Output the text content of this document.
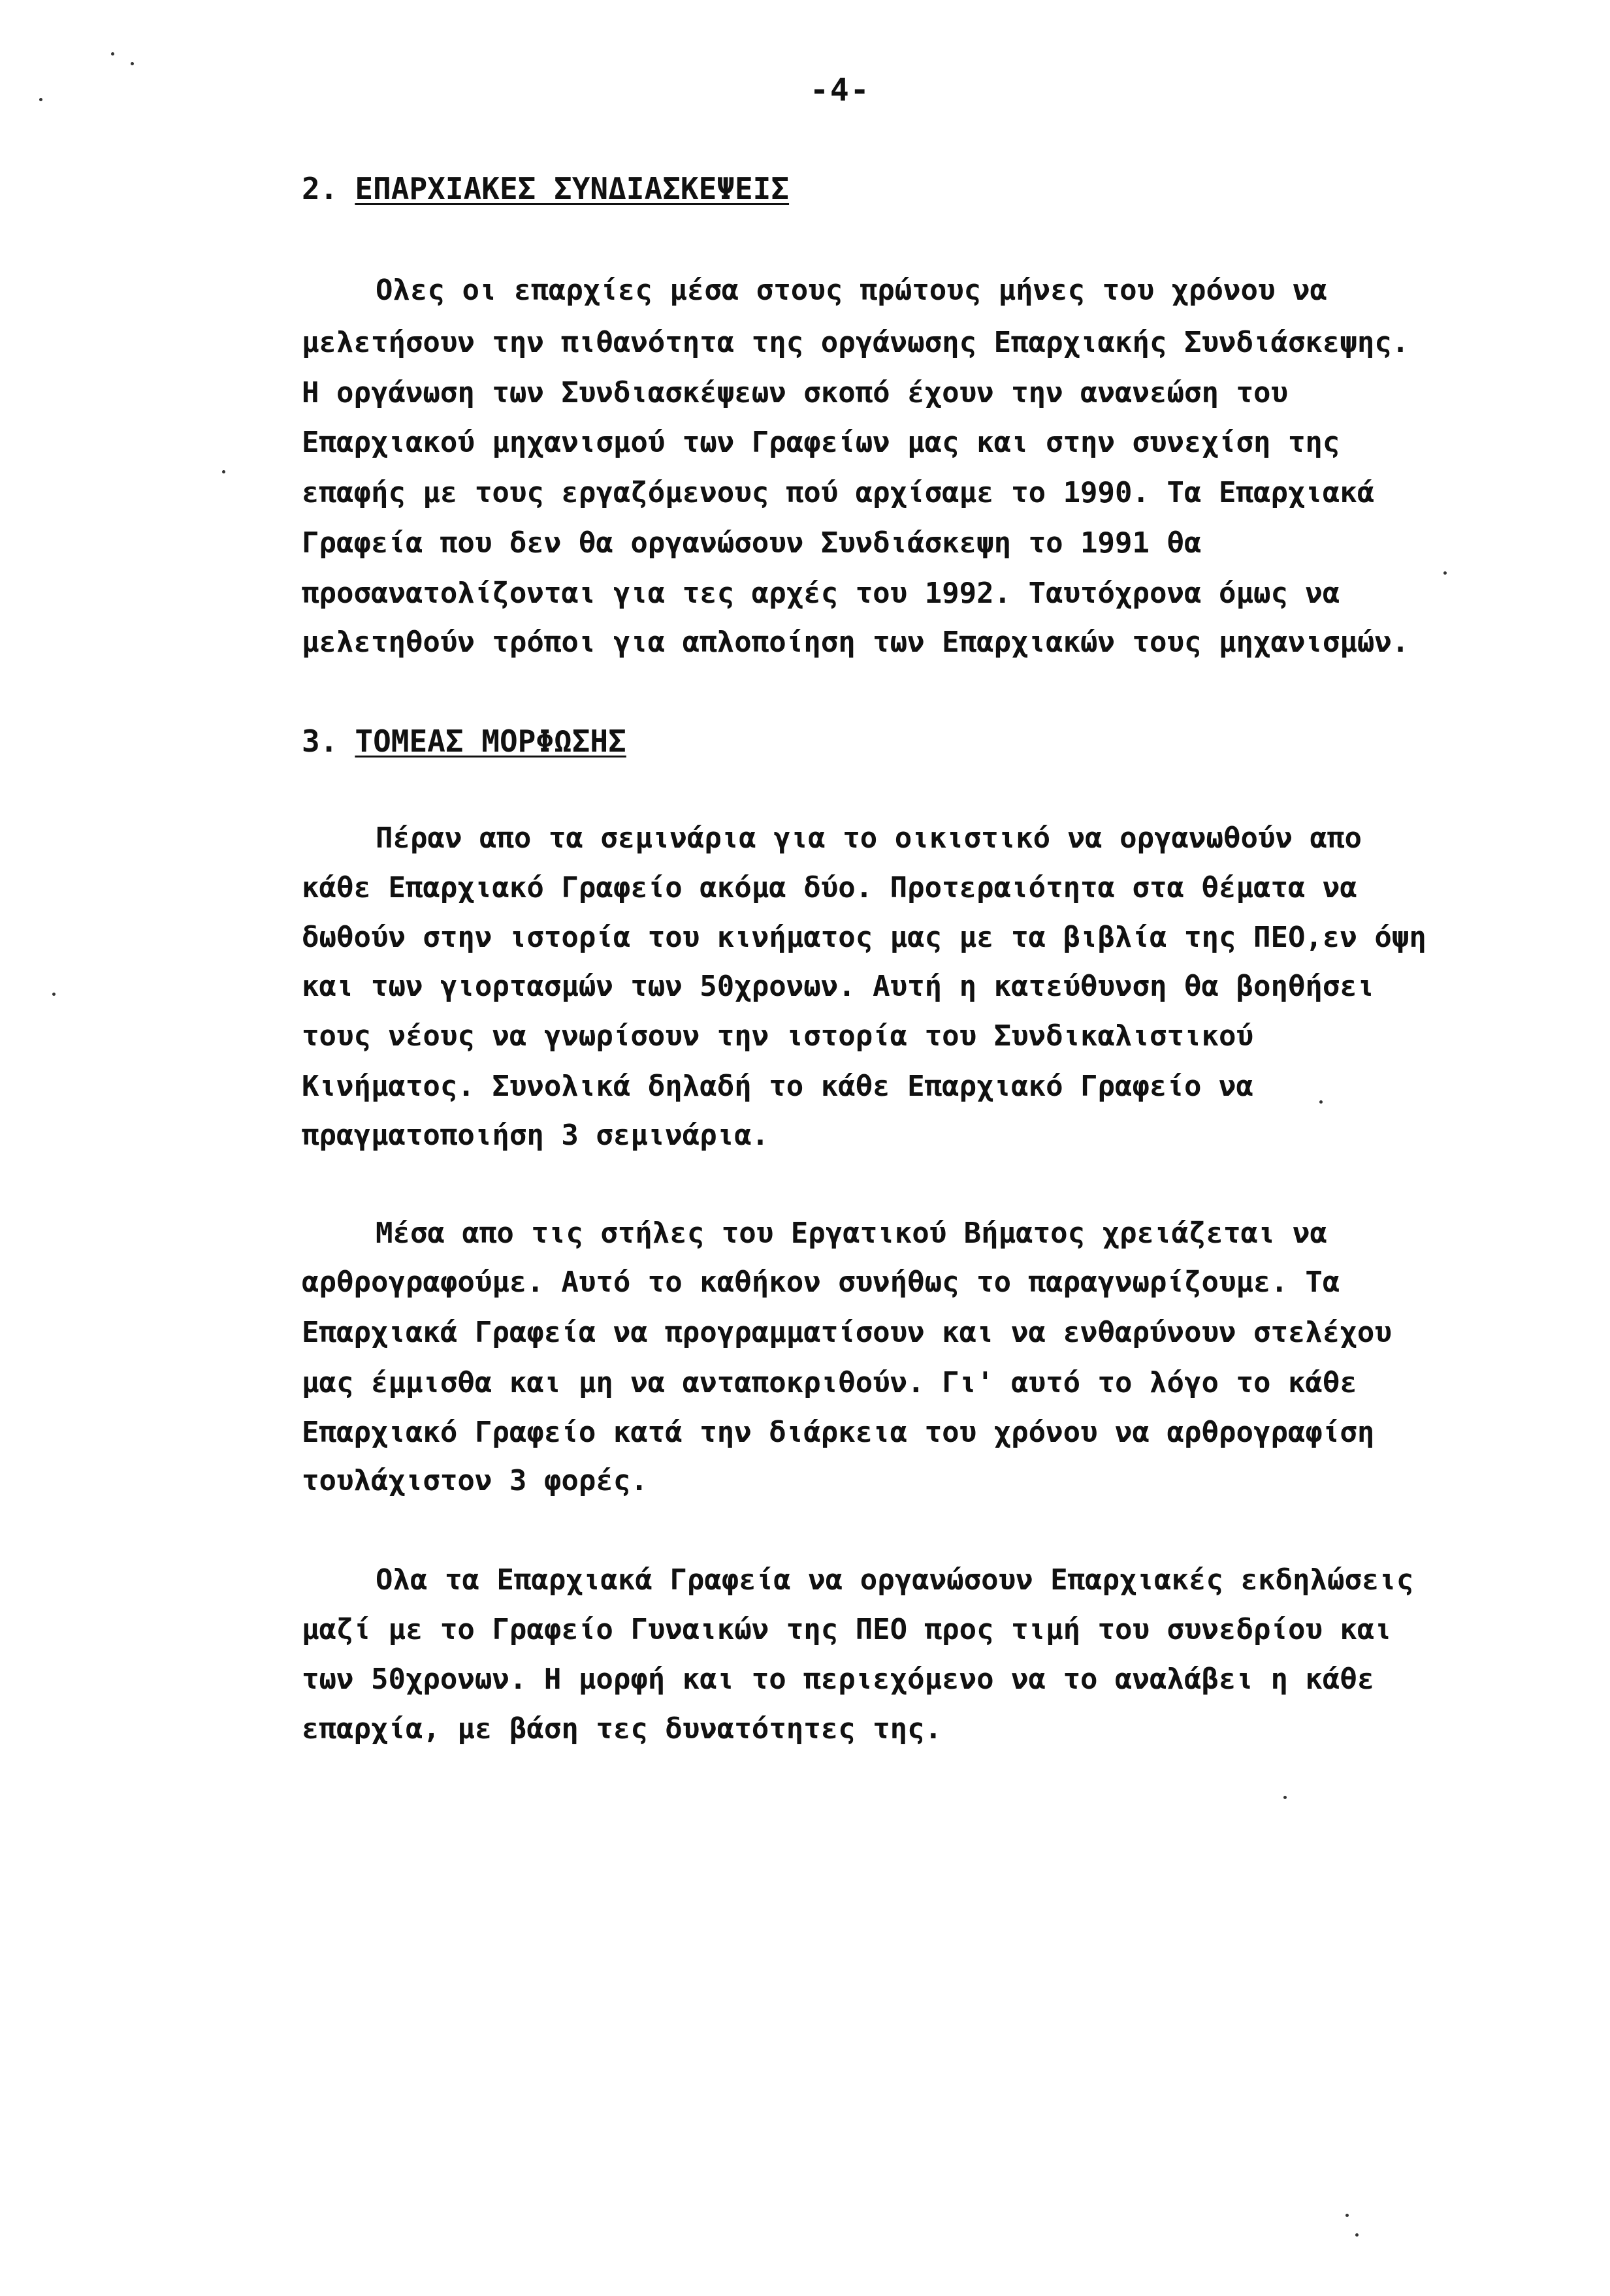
-4-
2. ΕΠΑΡΧΙΑΚΕΣ ΣΥΝΔΙΑΣΚΕΨΕΙΣ
Ολες οι επαρχίες μέσα στους πρώτους μήνες του χρόνου να
μελετήσουν την πιθανότητα της οργάνωσης Επαρχιακής Συνδιάσκεψης.
Η οργάνωση των Συνδιασκέψεων σκοπό έχουν την ανανεώση του
Επαρχιακού μηχανισμού των Γραφείων μας και στην συνεχίση της
επαφής με τους εργαζόμενους πού αρχίσαμε το 1990. Τα Επαρχιακά
Γραφεία που δεν θα οργανώσουν Συνδιάσκεψη το 1991 θα
προσανατολίζονται για τες αρχές του 1992. Ταυτόχρονα όμως να
μελετηθούν τρόποι για απλοποίηση των Επαρχιακών τους μηχανισμών.
3. ΤΟΜΕΑΣ ΜΟΡΦΩΣΗΣ
Πέραν απο τα σεμινάρια για το οικιστικό να οργανωθούν απο
κάθε Επαρχιακό Γραφείο ακόμα δύο. Προτεραιότητα στα θέματα να
δωθούν στην ιστορία του κινήματος μας με τα βιβλία της ΠΕΟ,εν όψη
και των γιορτασμών των 50χρονων. Αυτή η κατεύθυνση θα βοηθήσει
τους νέους να γνωρίσουν την ιστορία του Συνδικαλιστικού
Κινήματος. Συνολικά δηλαδή το κάθε Επαρχιακό Γραφείο να
πραγματοποιήση 3 σεμινάρια.
Μέσα απο τις στήλες του Εργατικού Βήματος χρειάζεται να
αρθρογραφούμε. Αυτό το καθήκον συνήθως το παραγνωρίζουμε. Τα
Επαρχιακά Γραφεία να προγραμματίσουν και να ενθαρύνουν στελέχου
μας έμμισθα και μη να ανταποκριθούν. Γι' αυτό το λόγο το κάθε
Επαρχιακό Γραφείο κατά την διάρκεια του χρόνου να αρθρογραφίση
τουλάχιστον 3 φορές.
Ολα τα Επαρχιακά Γραφεία να οργανώσουν Επαρχιακές εκδηλώσεις
μαζί με το Γραφείο Γυναικών της ΠΕΟ προς τιμή του συνεδρίου και
των 50χρονων. Η μορφή και το περιεχόμενο να το αναλάβει η κάθε
επαρχία, με βάση τες δυνατότητες της.
